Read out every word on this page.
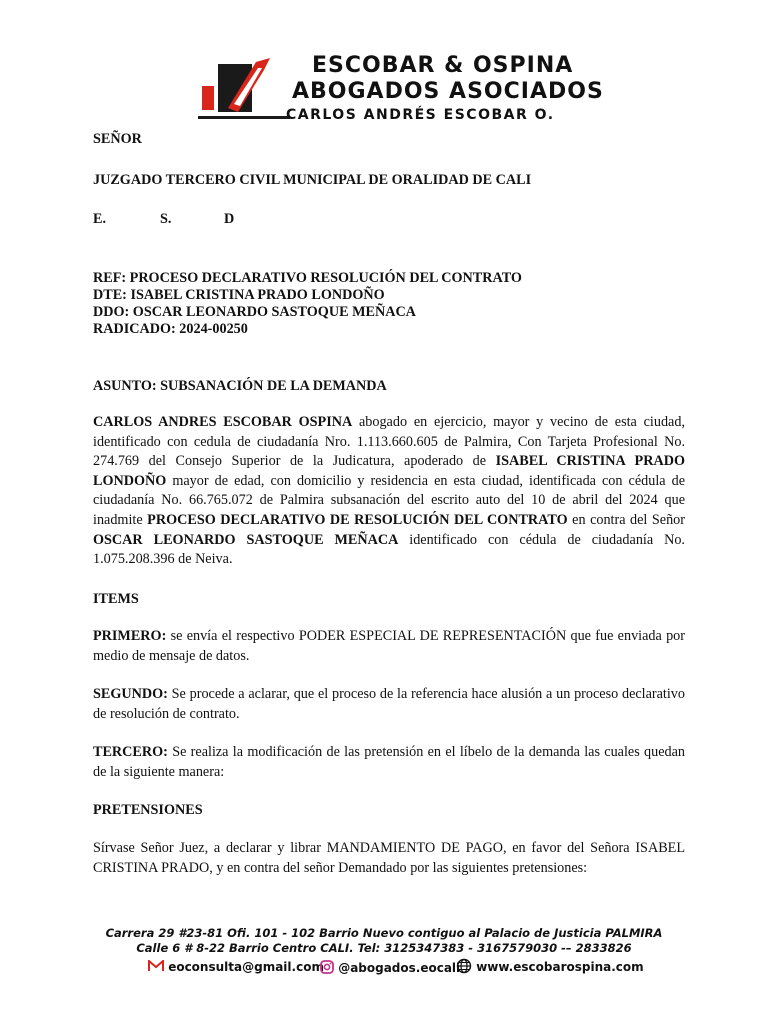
ESCOBAR & OSPINA
ABOGADOS ASOCIADOS
CARLOS ANDRÉS ESCOBAR O.
SEÑOR
JUZGADO TERCERO CIVIL MUNICIPAL DE ORALIDAD DE CALI
E.	S.	D
REF: PROCESO DECLARATIVO RESOLUCIÓN DEL CONTRATO
DTE: ISABEL CRISTINA PRADO LONDOÑO
DDO: OSCAR LEONARDO SASTOQUE MEÑACA
RADICADO: 2024-00250
ASUNTO: SUBSANACIÓN DE LA DEMANDA

CARLOS ANDRES ESCOBAR OSPINA abogado en ejercicio, mayor y vecino de esta ciudad, identificado con cedula de ciudadanía Nro. 1.113.660.605 de Palmira, Con Tarjeta Profesional No. 274.769 del Consejo Superior de la Judicatura, apoderado de ISABEL CRISTINA PRADO LONDOÑO mayor de edad, con domicilio y residencia en esta ciudad, identificada con cédula de ciudadanía No. 66.765.072 de Palmira subsanación del escrito auto del 10 de abril del 2024 que inadmite PROCESO DECLARATIVO DE RESOLUCIÓN DEL CONTRATO en contra del Señor OSCAR LEONARDO SASTOQUE MEÑACA identificado con cédula de ciudadanía No. 1.075.208.396 de Neiva.

ITEMS

PRIMERO: se envía el respectivo PODER ESPECIAL DE REPRESENTACIÓN que fue enviada por medio de mensaje de datos.

SEGUNDO: Se procede a aclarar, que el proceso de la referencia hace alusión a un proceso declarativo de resolución de contrato.

TERCERO: Se realiza la modificación de las pretensión en el líbelo de la demanda las cuales quedan de la siguiente manera:

PRETENSIONES

Sírvase Señor Juez, a declarar y librar MANDAMIENTO DE PAGO, en favor del Señora ISABEL CRISTINA PRADO, y en contra del señor Demandado por las siguientes pretensiones:

Carrera 29 #23-81 Ofi. 101 - 102 Barrio Nuevo contiguo al Palacio de Justicia PALMIRA
Calle 6 # 8-22 Barrio Centro CALI. Tel: 3125347383 - 3167579030 -– 2833826
eoconsulta@gmail.com	@abogados.eocali	www.escobarospina.com
